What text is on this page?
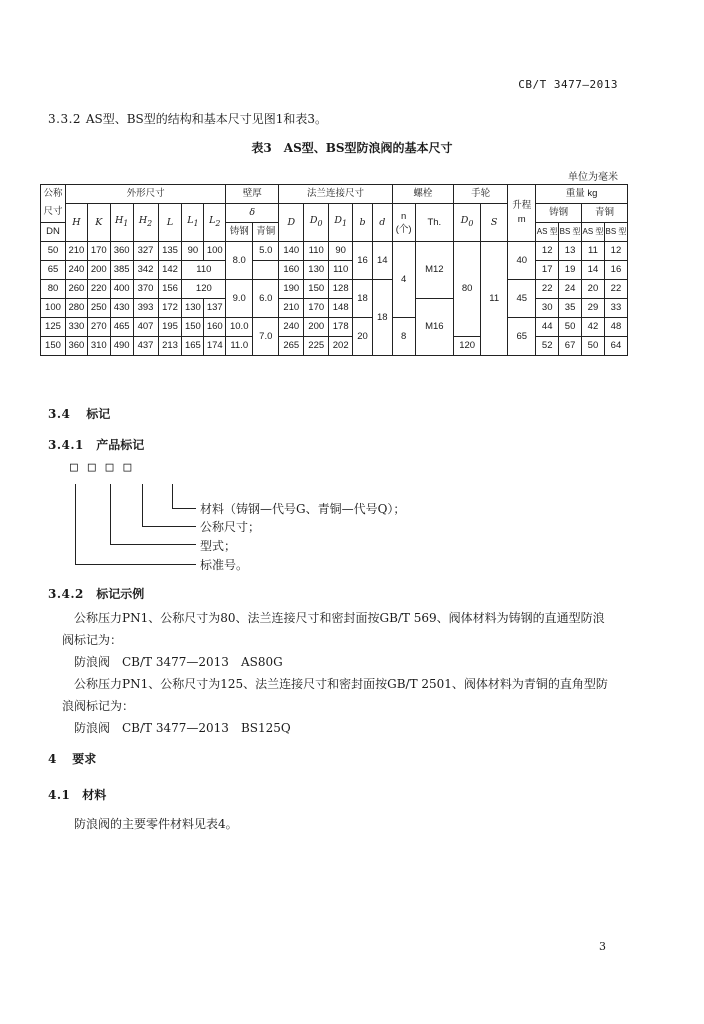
CB/T 3477—2013
3.3.2 AS型、BS型的结构和基本尺寸见图1和表3。
表3　AS型、BS型防浪阀的基本尺寸
单位为毫米
公称尺寸	外形尺寸							壁厚		法兰连接尺寸					螺栓		手轮		升程
m	重量 kg			
	H	K	$H_1$	$H_2$	L	$L_1$	$L_2$	δ		D	$D_0$	$D_1$	b	d	n
(个)	Th.	$D_0$	S		铸钢		青铜	
DN								铸钢	青铜											AS 型	BS 型	AS 型	BS 型
50	210	170	360	327	135	90	100	8.0	5.0	140	110	90	16	14	4	M12	80	11	40	12	13	11	12
65	240	200	385	342	142	110				160	130	110								17	19	14	16
80	260	220	400	370	156	120		9.0	6.0	190	150	128	18	18					45	22	24	20	22
100	280	250	430	393	172	130	137			210	170	148				M16				30	35	29	33
125	330	270	465	407	195	150	160	10.0	7.0	240	200	178	20		8				65	44	50	42	48
150	360	310	490	437	213	165	174	11.0		265	225	202					120			52	67	50	64
3.4 标记
3.4.1 产品标记
□□□□
材料（铸钢—代号G、青铜—代号Q）；
公称尺寸；
型式；
标准号。
3.4.2 标记示例
公称压力PN1、公称尺寸为80、法兰连接尺寸和密封面按GB/T 569、阀体材料为铸钢的直通型防浪
阀标记为：
防浪阀　CB/T 3477—2013　AS80G
公称压力PN1、公称尺寸为125、法兰连接尺寸和密封面按GB/T 2501、阀体材料为青铜的直角型防
浪阀标记为：
防浪阀　CB/T 3477—2013　BS125Q
4 要求
4.1 材料
防浪阀的主要零件材料见表4。
3
